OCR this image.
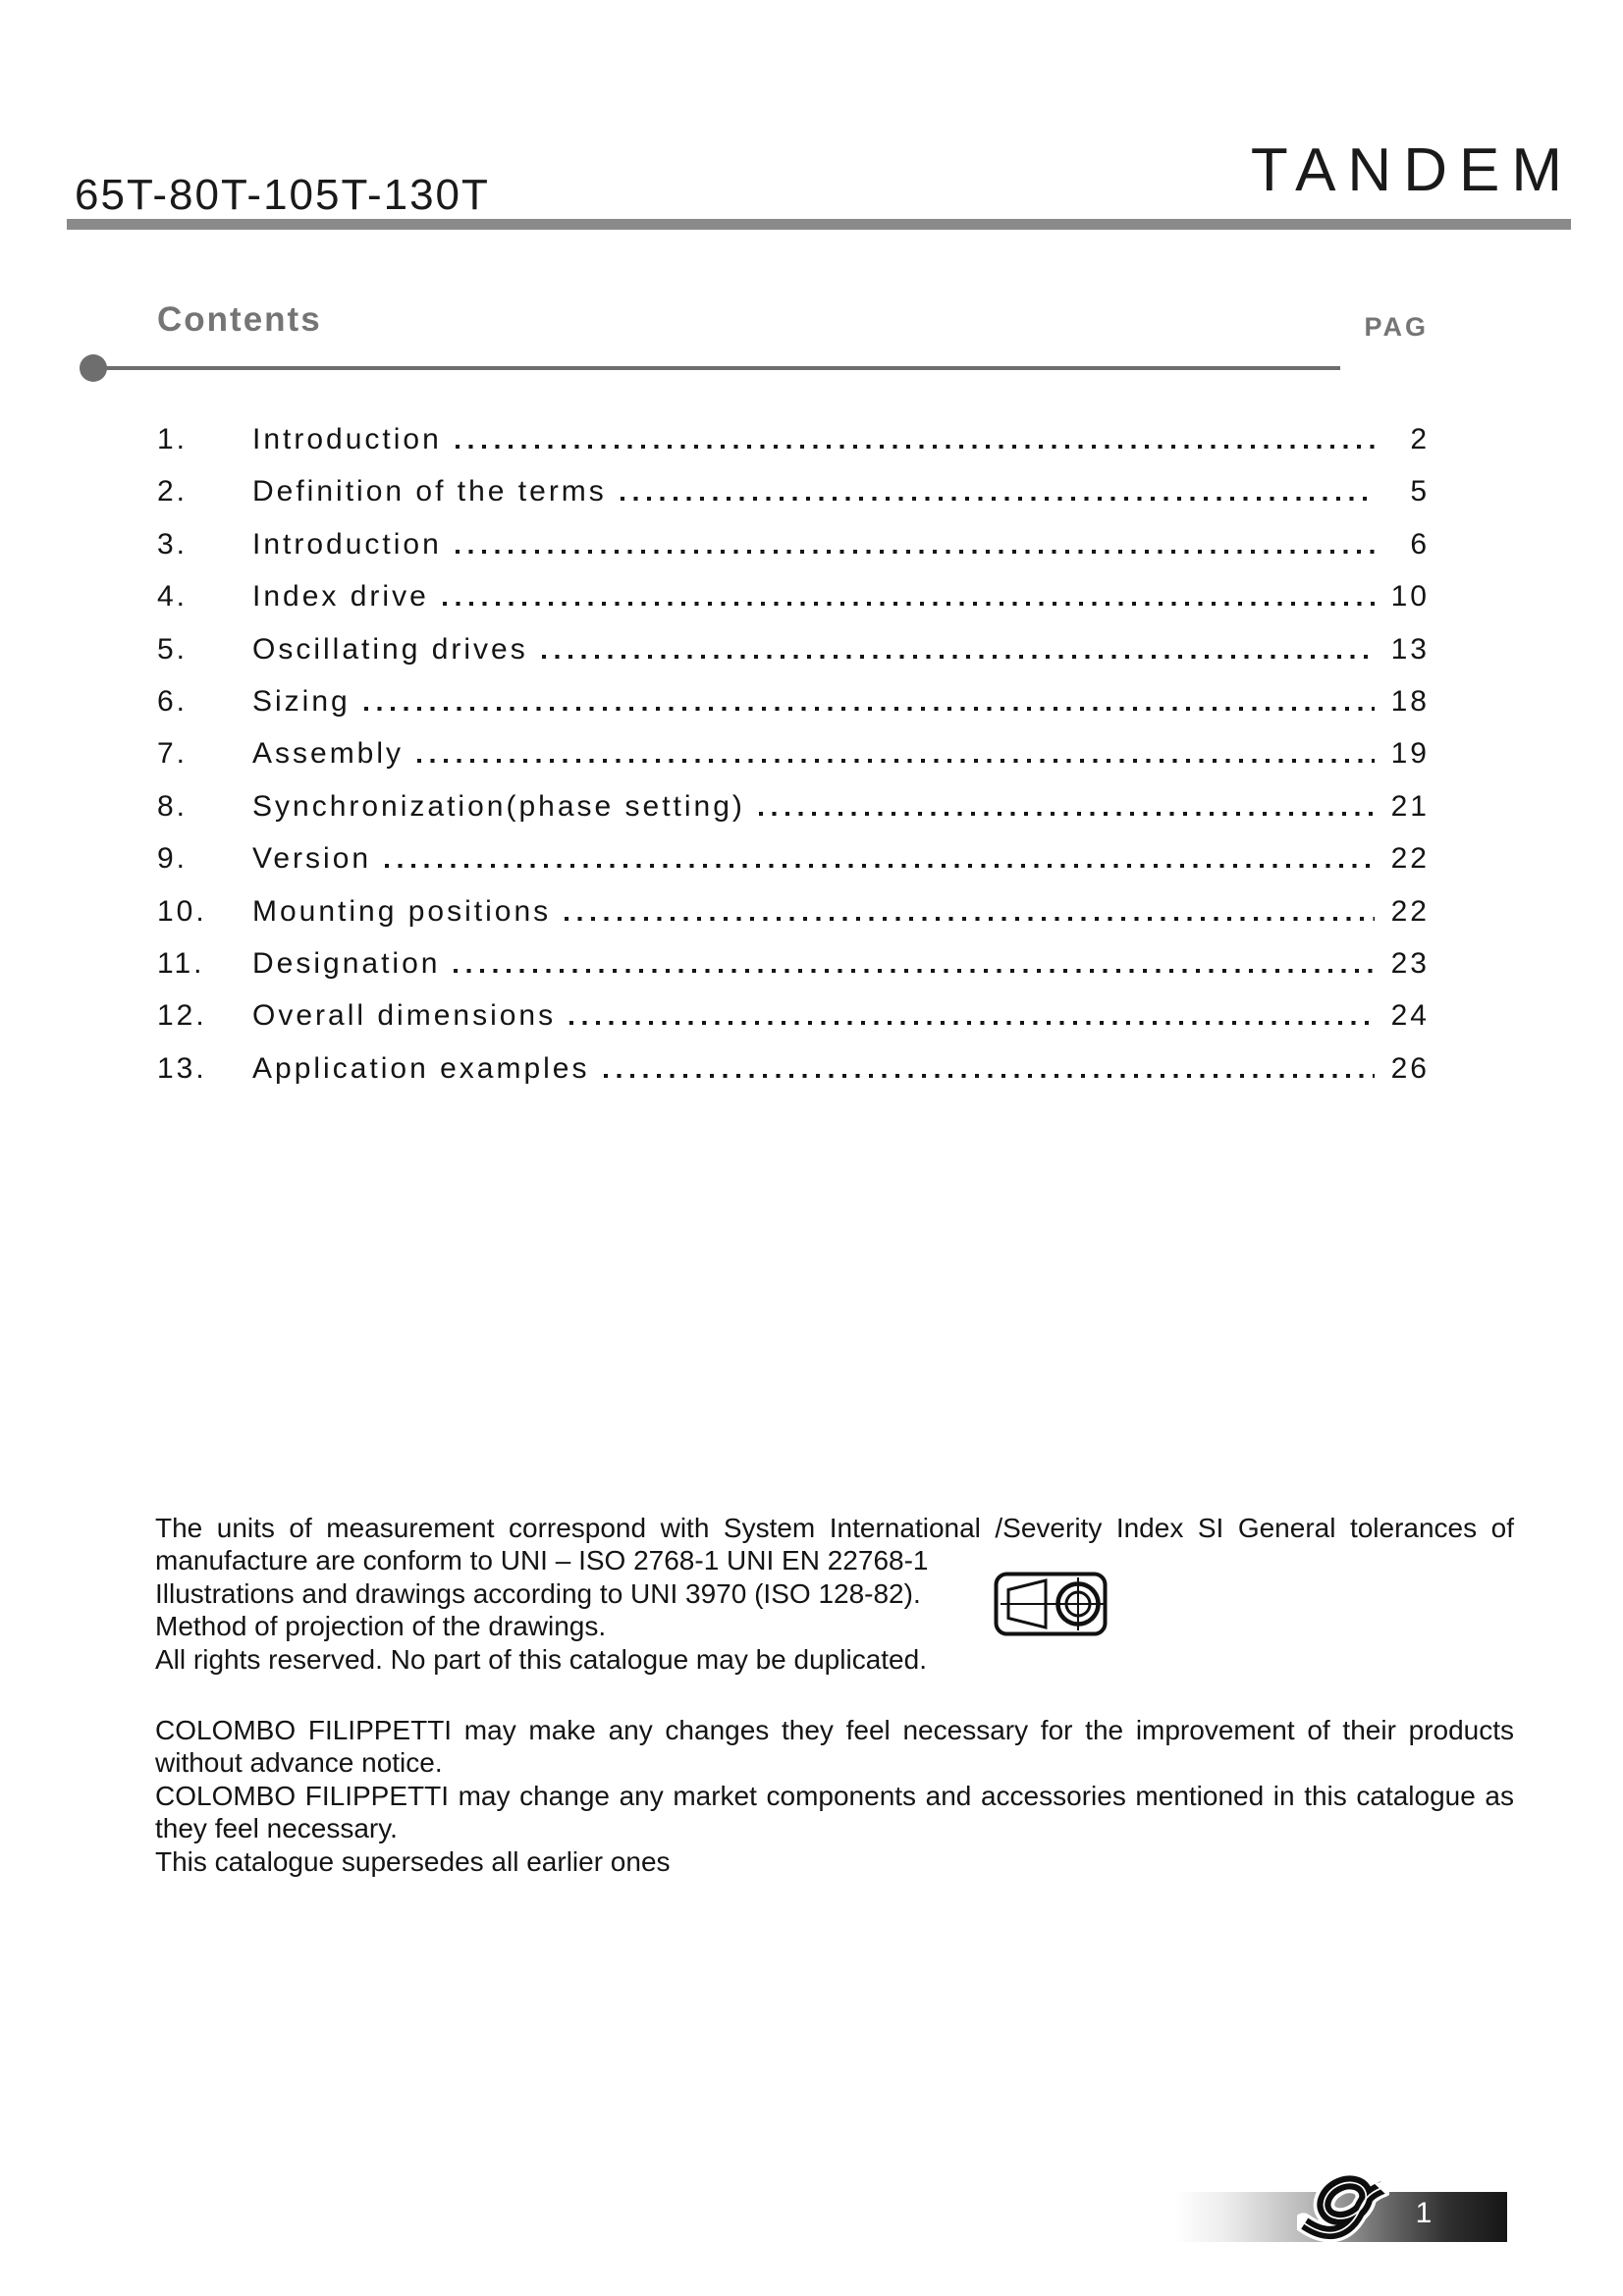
65T-80T-105T-130T	TANDEM
Contents	PAG
1.	Introduction	2
2.	Definition of the terms	5
3.	Introduction	6
4.	Index drive	10
5.	Oscillating drives	13
6.	Sizing	18
7.	Assembly	19
8.	Synchronization(phase setting)	21
9.	Version	22
10.	Mounting positions	22
11.	Designation	23
12.	Overall dimensions	24
13.	Application examples	26
The units of measurement correspond with System International /Severity Index SI General tolerances of
manufacture are conform to UNI – ISO 2768-1 UNI EN 22768-1
Illustrations and drawings according to UNI 3970 (ISO 128-82).
Method of projection of the drawings.
All rights reserved. No part of this catalogue may be duplicated.
COLOMBO FILIPPETTI may make any changes they feel necessary for the improvement of their products
without advance notice.
COLOMBO FILIPPETTI may change any market components and accessories mentioned in this catalogue as
they feel necessary.
This catalogue supersedes all earlier ones
1
